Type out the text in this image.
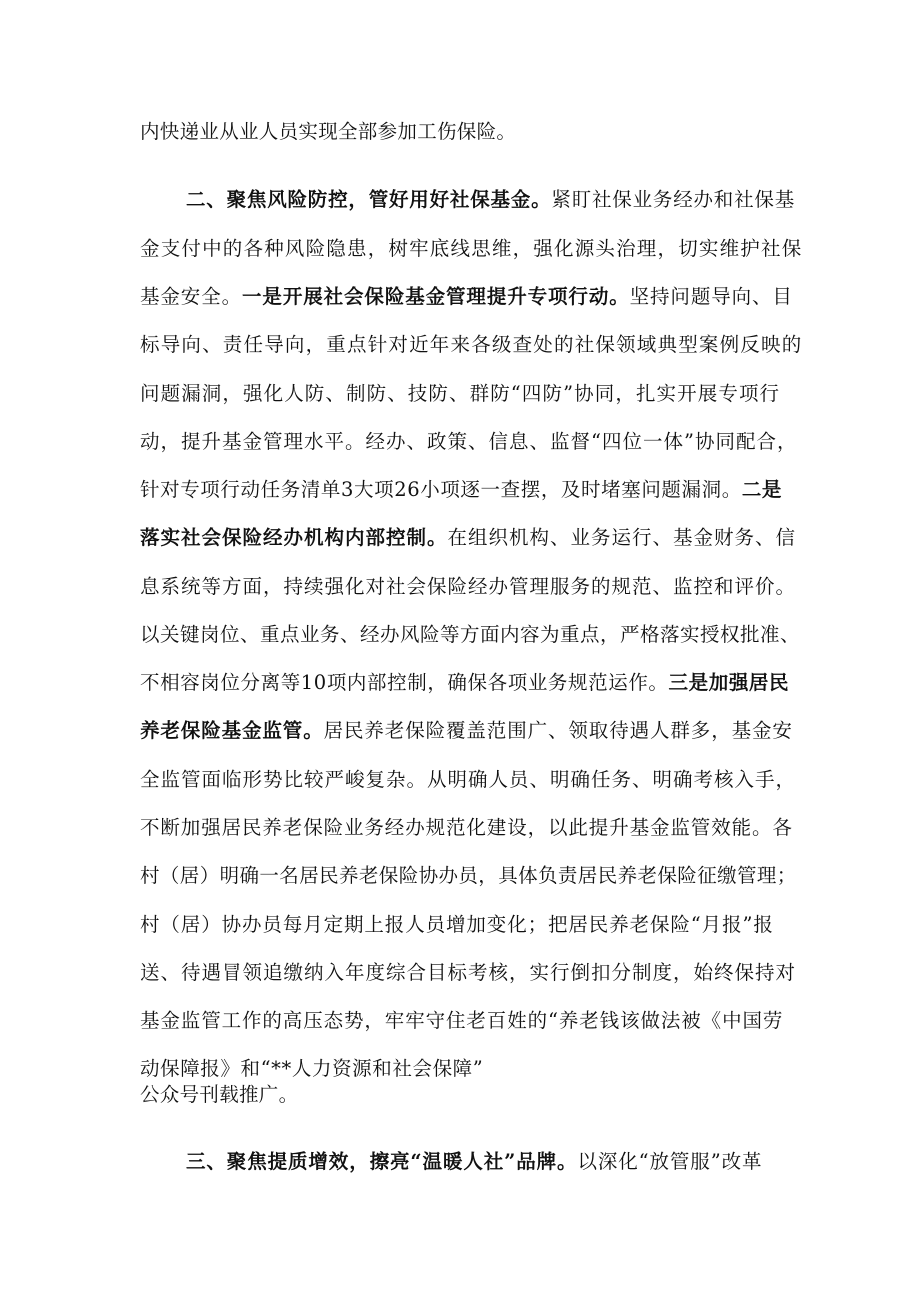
内快递业从业人员实现全部参加工伤保险。
二、聚焦风险防控，管好用好社保基金。紧盯社保业务经办和社保基
金支付中的各种风险隐患，树牢底线思维，强化源头治理，切实维护社保
基金安全。一是开展社会保险基金管理提升专项行动。坚持问题导向、目
标导向、责任导向，重点针对近年来各级查处的社保领域典型案例反映的
问题漏洞，强化人防、制防、技防、群防“四防”协同，扎实开展专项行
动，提升基金管理水平。经办、政策、信息、监督“四位一体”协同配合，
针对专项行动任务清单3大项26小项逐一查摆，及时堵塞问题漏洞。二是
落实社会保险经办机构内部控制。在组织机构、业务运行、基金财务、信
息系统等方面，持续强化对社会保险经办管理服务的规范、监控和评价。
以关键岗位、重点业务、经办风险等方面内容为重点，严格落实授权批准、
不相容岗位分离等10项内部控制，确保各项业务规范运作。三是加强居民
养老保险基金监管。居民养老保险覆盖范围广、领取待遇人群多，基金安
全监管面临形势比较严峻复杂。从明确人员、明确任务、明确考核入手，
不断加强居民养老保险业务经办规范化建设，以此提升基金监管效能。各
村（居）明确一名居民养老保险协办员，具体负责居民养老保险征缴管理；
村（居）协办员每月定期上报人员增加变化；把居民养老保险“月报”报
送、待遇冒领追缴纳入年度综合目标考核，实行倒扣分制度，始终保持对
基金监管工作的高压态势，牢牢守住老百姓的“养老钱该做法被《中国劳
动保障报》和“**人力资源和社会保障”
公众号刊载推广。
三、聚焦提质增效，擦亮“温暖人社”品牌。以深化“放管服”改革
